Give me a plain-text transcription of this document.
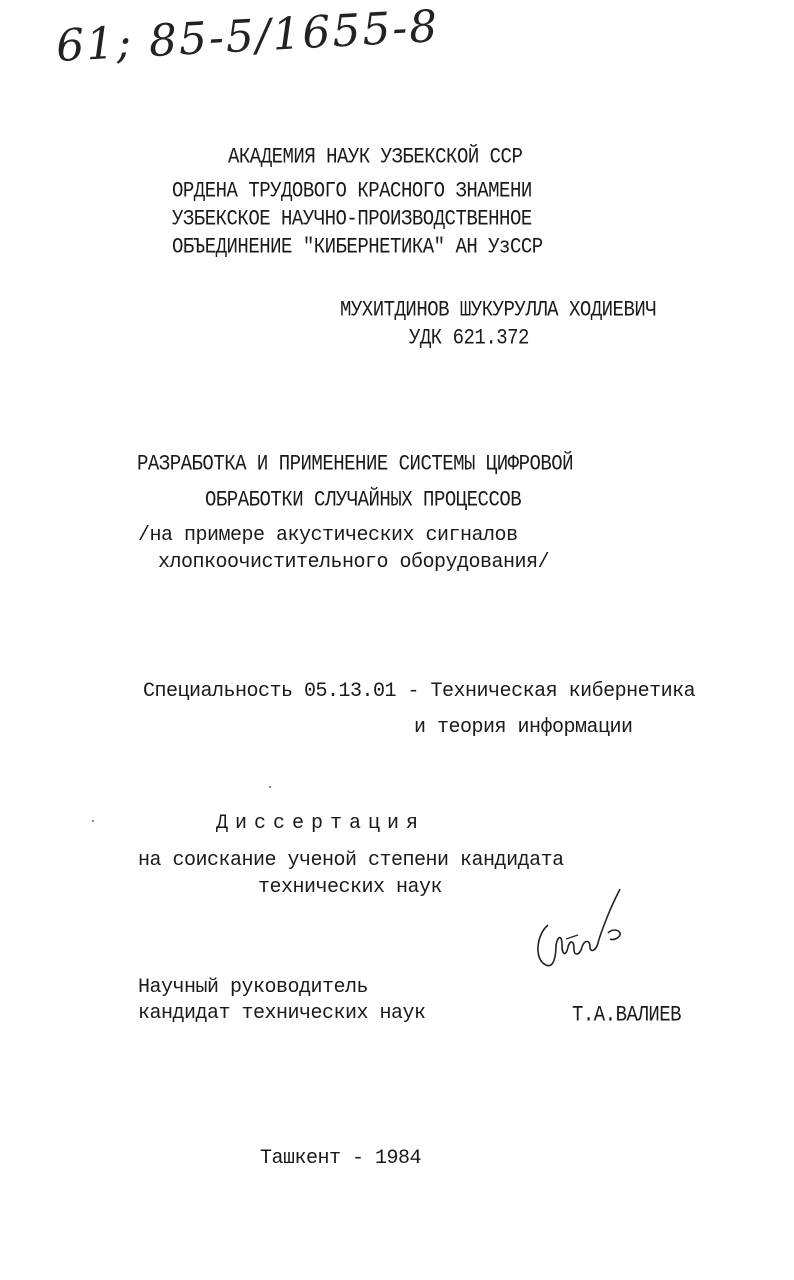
61; 85-5/1655-8
АКАДЕМИЯ НАУК УЗБЕКСКОЙ ССР
ОРДЕНА ТРУДОВОГО КРАСНОГО ЗНАМЕНИ
УЗБЕКСКОЕ НАУЧНО-ПРОИЗВОДСТВЕННОЕ
ОБЪЕДИНЕНИЕ "КИБЕРНЕТИКА" АН УзССР
МУХИТДИНОВ ШУКУРУЛЛА ХОДИЕВИЧ
УДК 621.372
РАЗРАБОТКА И ПРИМЕНЕНИЕ СИСТЕМЫ ЦИФРОВОЙ
ОБРАБОТКИ СЛУЧАЙНЫХ ПРОЦЕССОВ
/на примере акустических сигналов
хлопкоочистительного оборудования/
Специальность 05.13.01 - Техническая кибернетика
и теория информации
Диссертация
на соискание ученой степени кандидата
технических наук
Научный руководитель
кандидат технических наук	Т.А.ВАЛИЕВ
Ташкент - 1984
